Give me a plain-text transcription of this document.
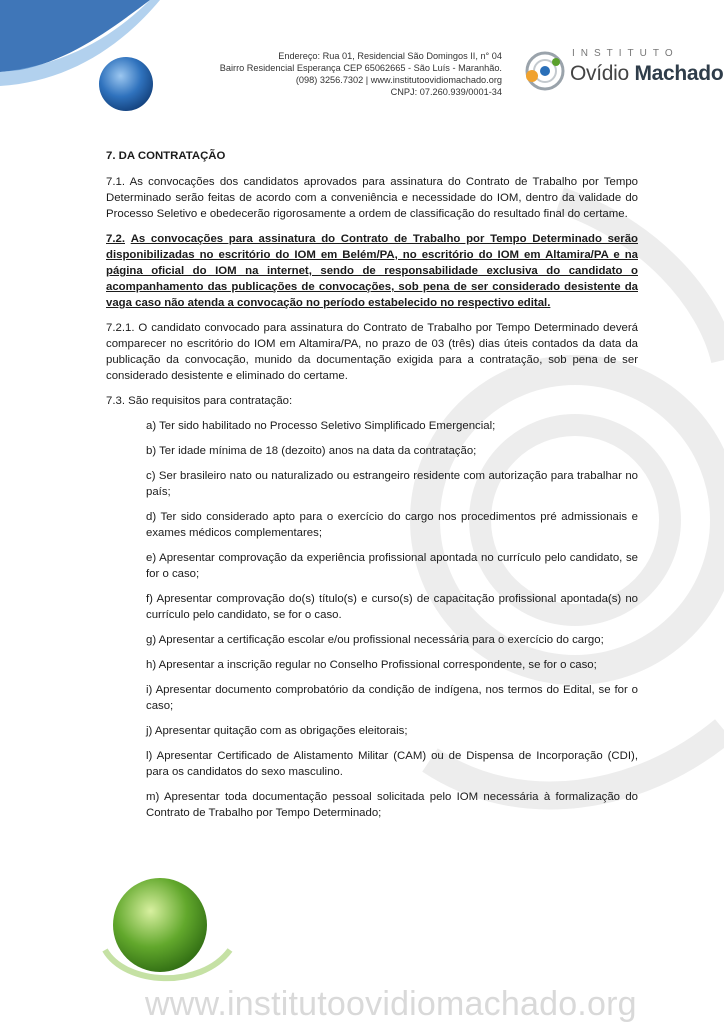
Endereço: Rua 01, Residencial São Domingos II, n° 04
Bairro Residencial Esperança CEP 65062665 - São Luís - Maranhão.
(098) 3256.7302 | www.institutoovidiomachado.org
CNPJ: 07.260.939/0001-34
INSTITUTO
Ovídio Machado

7. DA CONTRATAÇÃO

7.1. As convocações dos candidatos aprovados para assinatura do Contrato de Trabalho por Tempo Determinado serão feitas de acordo com a conveniência e necessidade do IOM, dentro da validade do Processo Seletivo e obedecerão rigorosamente a ordem de classificação do resultado final do certame.

7.2. As convocações para assinatura do Contrato de Trabalho por Tempo Determinado serão disponibilizadas no escritório do IOM em Belém/PA, no escritório do IOM em Altamira/PA e na página oficial do IOM na internet, sendo de responsabilidade exclusiva do candidato o acompanhamento das publicações de convocações, sob pena de ser considerado desistente da vaga caso não atenda a convocação no período estabelecido no respectivo edital.

7.2.1. O candidato convocado para assinatura do Contrato de Trabalho por Tempo Determinado deverá comparecer no escritório do IOM em Altamira/PA, no prazo de 03 (três) dias úteis contados da data da publicação da convocação, munido da documentação exigida para a contratação, sob pena de ser considerado desistente e eliminado do certame.

7.3. São requisitos para contratação:

a) Ter sido habilitado no Processo Seletivo Simplificado Emergencial;

b) Ter idade mínima de 18 (dezoito) anos na data da contratação;

c) Ser brasileiro nato ou naturalizado ou estrangeiro residente com autorização para trabalhar no país;

d) Ter sido considerado apto para o exercício do cargo nos procedimentos pré admissionais e exames médicos complementares;

e) Apresentar comprovação da experiência profissional apontada no currículo pelo candidato, se for o caso;

f) Apresentar comprovação do(s) título(s) e curso(s) de capacitação profissional apontada(s) no currículo pelo candidato, se for o caso.

g) Apresentar a certificação escolar e/ou profissional necessária para o exercício do cargo;

h) Apresentar a inscrição regular no Conselho Profissional correspondente, se for o caso;

i) Apresentar documento comprobatório da condição de indígena, nos termos do Edital, se for o caso;

j) Apresentar quitação com as obrigações eleitorais;

l) Apresentar Certificado de Alistamento Militar (CAM) ou de Dispensa de Incorporação (CDI), para os candidatos do sexo masculino.

m) Apresentar toda documentação pessoal solicitada pelo IOM necessária à formalização do Contrato de Trabalho por Tempo Determinado;

www.institutoovidiomachado.org
